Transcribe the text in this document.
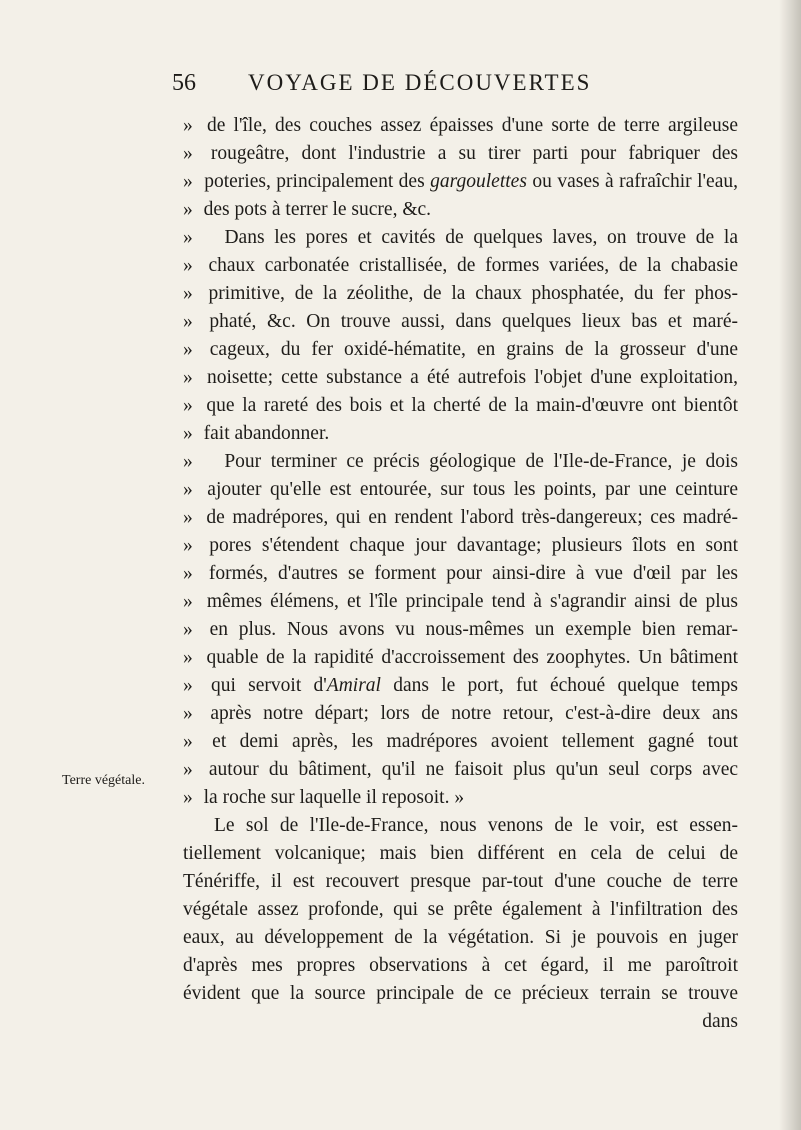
56 VOYAGE DE DÉCOUVERTES
Terre végétale.
» de l'île, des couches assez épaisses d'une sorte de terre argileuse
» rougeâtre, dont l'industrie a su tirer parti pour fabriquer des
» poteries, principalement des gargoulettes ou vases à rafraîchir l'eau,
» des pots à terrer le sucre, &c.
» Dans les pores et cavités de quelques laves, on trouve de la
» chaux carbonatée cristallisée, de formes variées, de la chabasie
» primitive, de la zéolithe, de la chaux phosphatée, du fer phos-
» phaté, &c. On trouve aussi, dans quelques lieux bas et maré-
» cageux, du fer oxidé-hématite, en grains de la grosseur d'une
» noisette; cette substance a été autrefois l'objet d'une exploitation,
» que la rareté des bois et la cherté de la main-d'œuvre ont bientôt
» fait abandonner.
» Pour terminer ce précis géologique de l'Ile-de-France, je dois
» ajouter qu'elle est entourée, sur tous les points, par une ceinture
» de madrépores, qui en rendent l'abord très-dangereux; ces madré-
» pores s'étendent chaque jour davantage; plusieurs îlots en sont
» formés, d'autres se forment pour ainsi-dire à vue d'œil par les
» mêmes élémens, et l'île principale tend à s'agrandir ainsi de plus
» en plus. Nous avons vu nous-mêmes un exemple bien remar-
» quable de la rapidité d'accroissement des zoophytes. Un bâtiment
» qui servoit d'Amiral dans le port, fut échoué quelque temps
» après notre départ; lors de notre retour, c'est-à-dire deux ans
» et demi après, les madrépores avoient tellement gagné tout
» autour du bâtiment, qu'il ne faisoit plus qu'un seul corps avec
» la roche sur laquelle il reposoit. »
Le sol de l'Ile-de-France, nous venons de le voir, est essen-
tiellement volcanique; mais bien différent en cela de celui de
Ténériffe, il est recouvert presque par-tout d'une couche de terre
végétale assez profonde, qui se prête également à l'infiltration des
eaux, au développement de la végétation. Si je pouvois en juger
d'après mes propres observations à cet égard, il me paroîtroit
évident que la source principale de ce précieux terrain se trouve
dans
